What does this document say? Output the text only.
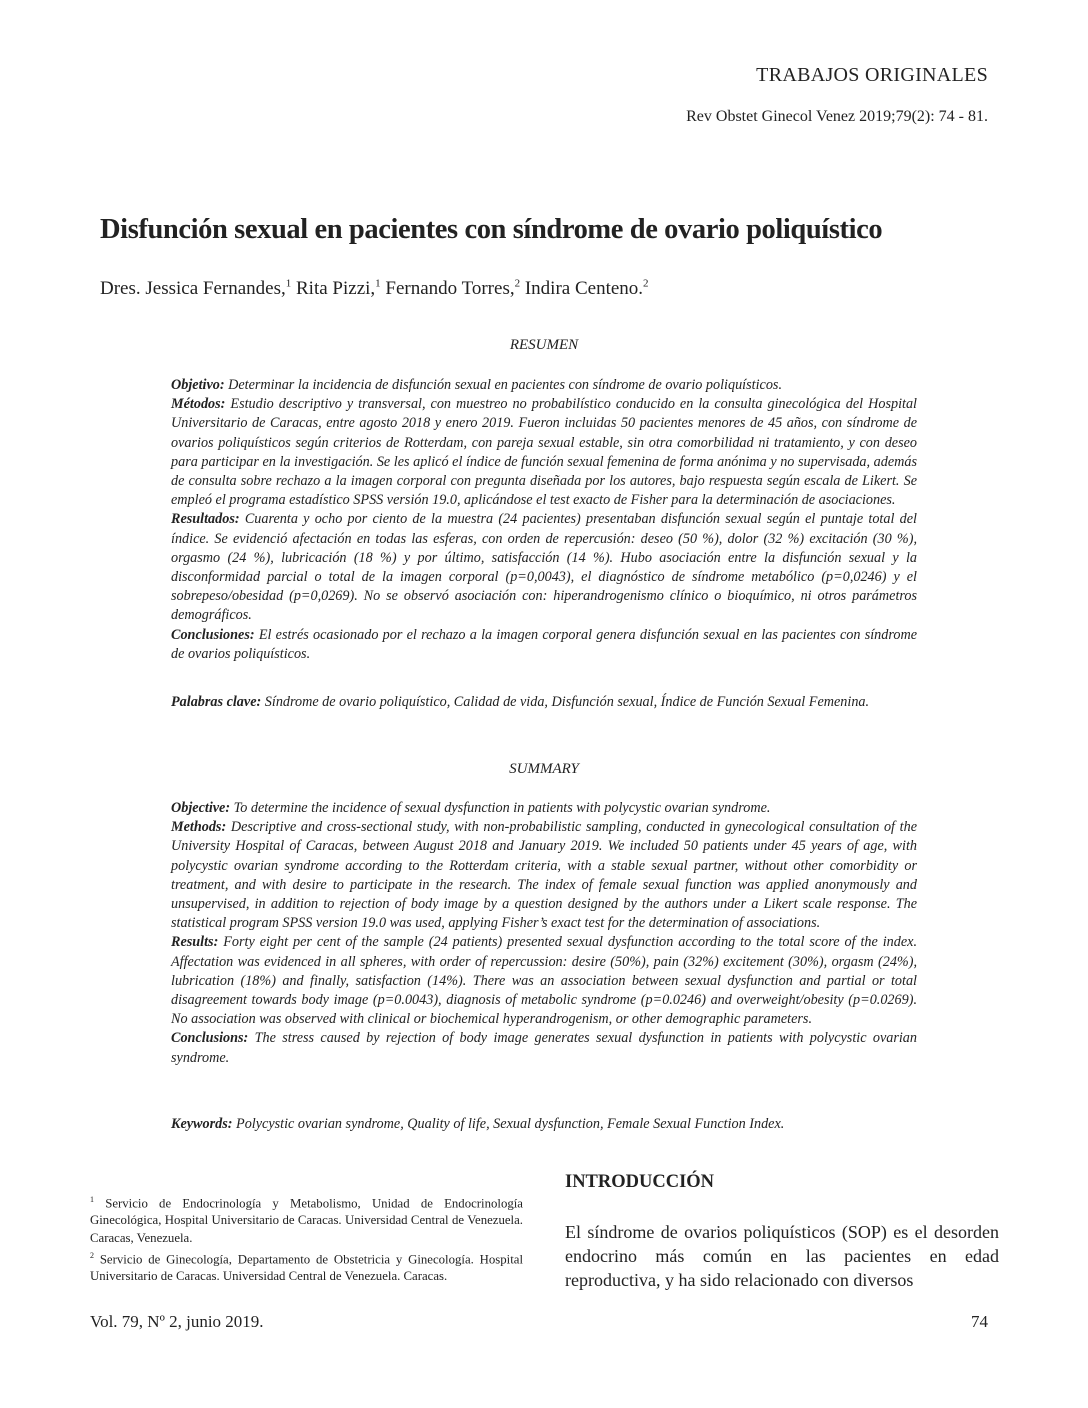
TRABAJOS ORIGINALES
Rev Obstet Ginecol Venez 2019;79(2): 74 - 81.
Disfunción sexual en pacientes con síndrome de ovario poliquístico
Dres. Jessica Fernandes,$^1$ Rita Pizzi,$^1$ Fernando Torres,$^2$ Indira Centeno.$^2$
RESUMEN

Objetivo: Determinar la incidencia de disfunción sexual en pacientes con síndrome de ovario poliquísticos.

Métodos: Estudio descriptivo y transversal, con muestreo no probabilístico conducido en la consulta ginecológica del Hospital Universitario de Caracas, entre agosto 2018 y enero 2019. Fueron incluidas 50 pacientes menores de 45 años, con síndrome de ovarios poliquísticos según criterios de Rotterdam, con pareja sexual estable, sin otra comorbilidad ni tratamiento, y con deseo para participar en la investigación. Se les aplicó el índice de función sexual femenina de forma anónima y no supervisada, además de consulta sobre rechazo a la imagen corporal con pregunta diseñada por los autores, bajo respuesta según escala de Likert. Se empleó el programa estadístico SPSS versión 19.0, aplicándose el test exacto de Fisher para la determinación de asociaciones.

Resultados: Cuarenta y ocho por ciento de la muestra (24 pacientes) presentaban disfunción sexual según el puntaje total del índice. Se evidenció afectación en todas las esferas, con orden de repercusión: deseo (50 %), dolor (32 %) excitación (30 %), orgasmo (24 %), lubricación (18 %) y por último, satisfacción (14 %). Hubo asociación entre la disfunción sexual y la disconformidad parcial o total de la imagen corporal (p=0,0043), el diagnóstico de síndrome metabólico (p=0,0246) y el sobrepeso/obesidad (p=0,0269). No se observó asociación con: hiperandrogenismo clínico o bioquímico, ni otros parámetros demográficos.

Conclusiones: El estrés ocasionado por el rechazo a la imagen corporal genera disfunción sexual en las pacientes con síndrome de ovarios poliquísticos.

Palabras clave: Síndrome de ovario poliquístico, Calidad de vida, Disfunción sexual, Índice de Función Sexual Femenina.

SUMMARY

Objective: To determine the incidence of sexual dysfunction in patients with polycystic ovarian syndrome.

Methods: Descriptive and cross-sectional study, with non-probabilistic sampling, conducted in gynecological consultation of the University Hospital of Caracas, between August 2018 and January 2019. We included 50 patients under 45 years of age, with polycystic ovarian syndrome according to the Rotterdam criteria, with a stable sexual partner, without other comorbidity or treatment, and with desire to participate in the research. The index of female sexual function was applied anonymously and unsupervised, in addition to rejection of body image by a question designed by the authors under a Likert scale response. The statistical program SPSS version 19.0 was used, applying Fisher’s exact test for the determination of associations.

Results: Forty eight per cent of the sample (24 patients) presented sexual dysfunction according to the total score of the index. Affectation was evidenced in all spheres, with order of repercussion: desire (50%), pain (32%) excitement (30%), orgasm (24%), lubrication (18%) and finally, satisfaction (14%). There was an association between sexual dysfunction and partial or total disagreement towards body image (p=0.0043), diagnosis of metabolic syndrome (p=0.0246) and overweight/obesity (p=0.0269). No association was observed with clinical or biochemical hyperandrogenism, or other demographic parameters.

Conclusions: The stress caused by rejection of body image generates sexual dysfunction in patients with polycystic ovarian syndrome.

Keywords: Polycystic ovarian syndrome, Quality of life, Sexual dysfunction, Female Sexual Function Index.

$^1$ Servicio de Endocrinología y Metabolismo, Unidad de Endocrinología Ginecológica, Hospital Universitario de Caracas. Universidad Central de Venezuela. Caracas, Venezuela.

$^2$ Servicio de Ginecología, Departamento de Obstetricia y Ginecología. Hospital Universitario de Caracas. Universidad Central de Venezuela. Caracas.

INTRODUCCIÓN
El síndrome de ovarios poliquísticos (SOP) es el desorden endocrino más común en las pacientes en edad reproductiva, y ha sido relacionado con diversos
Vol. 79, Nº 2, junio 2019.	74
